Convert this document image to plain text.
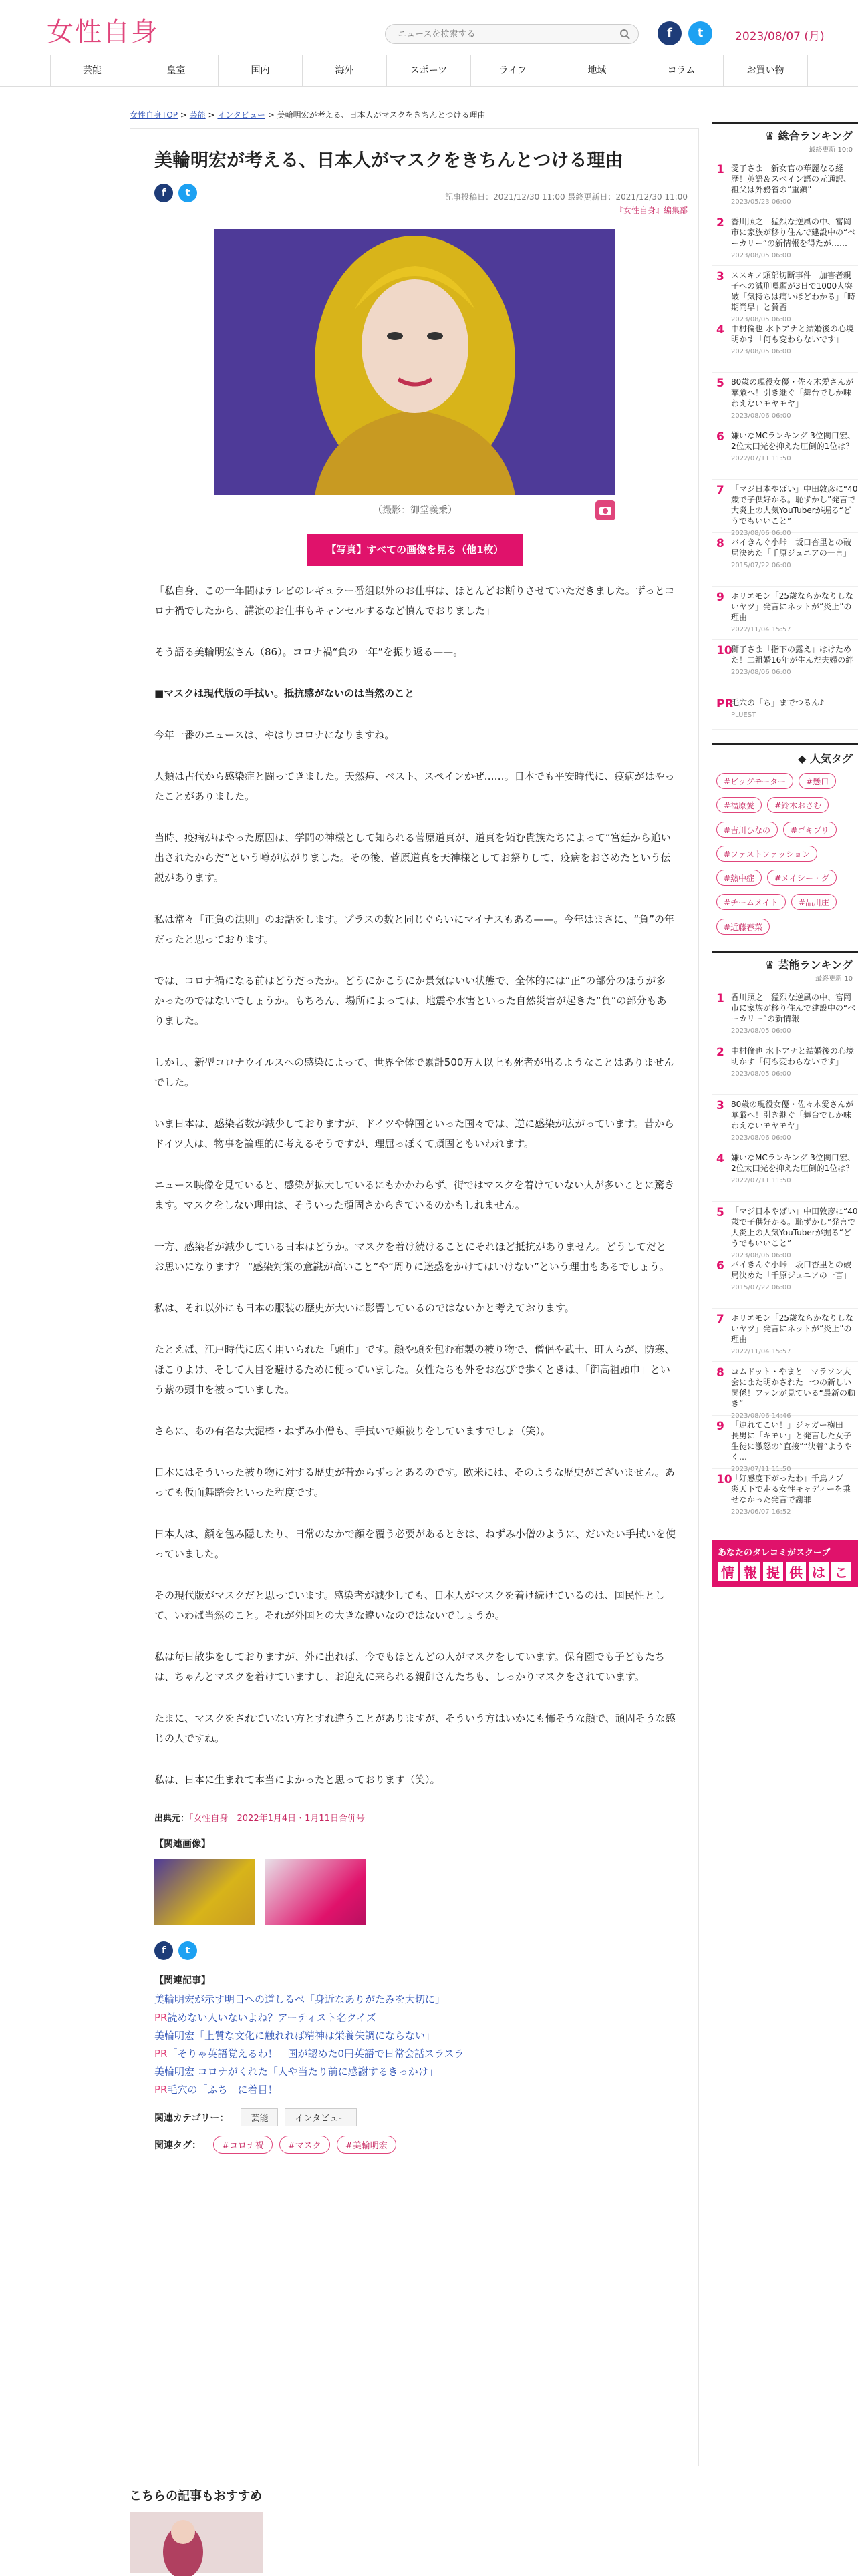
女性自身
ニュースを検索する	f	t	2023/08/07 (月)
芸能	皇室	国内	海外	スポーツ	ライフ	地域	コラム	お買い物
女性自身TOP > 芸能 > インタビュー > 美輪明宏が考える、日本人がマスクをきちんとつける理由
美輪明宏が考える、日本人がマスクをきちんとつける理由
f	t	記事投稿日：2021/12/30 11:00 最終更新日：2021/12/30 11:00
『女性自身』編集部
（撮影：御堂義乗）
【写真】すべての画像を見る（他1枚）

「私自身、この一年間はテレビのレギュラー番組以外のお仕事は、ほとんどお断りさせていただきました。ずっとコロナ禍でしたから、講演のお仕事もキャンセルするなど慎んでおりました」

そう語る美輪明宏さん（86）。コロナ禍“負の一年”を振り返る——。

■マスクは現代版の手拭い。抵抗感がないのは当然のこと

今年一番のニュースは、やはりコロナになりますね。

人類は古代から感染症と闘ってきました。天然痘、ペスト、スペインかぜ……。日本でも平安時代に、疫病がはやったことがありました。

当時、疫病がはやった原因は、学問の神様として知られる菅原道真が、道真を妬む貴族たちによって“宮廷から追い出されたからだ”という噂が広がりました。その後、菅原道真を天神様としてお祭りして、疫病をおさめたという伝説があります。

私は常々「正負の法則」のお話をします。プラスの数と同じぐらいにマイナスもある——。今年はまさに、“負”の年だったと思っております。

では、コロナ禍になる前はどうだったか。どうにかこうにか景気はいい状態で、全体的には“正”の部分のほうが多かったのではないでしょうか。もちろん、場所によっては、地震や水害といった自然災害が起きた“負”の部分もありました。

しかし、新型コロナウイルスへの感染によって、世界全体で累計500万人以上も死者が出るようなことはありませんでした。

いま日本は、感染者数が減少しておりますが、ドイツや韓国といった国々では、逆に感染が広がっています。昔からドイツ人は、物事を論理的に考えるそうですが、理屈っぽくて頑固ともいわれます。

ニュース映像を見ていると、感染が拡大しているにもかかわらず、街ではマスクを着けていない人が多いことに驚きます。マスクをしない理由は、そういった頑固さからきているのかもしれません。

一方、感染者が減少している日本はどうか。マスクを着け続けることにそれほど抵抗がありません。どうしてだとお思いになります？ “感染対策の意識が高いこと”や“周りに迷惑をかけてはいけない”という理由もあるでしょう。

私は、それ以外にも日本の服装の歴史が大いに影響しているのではないかと考えております。

たとえば、江戸時代に広く用いられた「頭巾」です。顔や頭を包む布製の被り物で、僧侶や武士、町人らが、防寒、ほこりよけ、そして人目を避けるために使っていました。女性たちも外をお忍びで歩くときは、「御高祖頭巾」という紫の頭巾を被っていました。

さらに、あの有名な大泥棒・ねずみ小僧も、手拭いで頬被りをしていますでしょ（笑）。

日本にはそういった被り物に対する歴史が昔からずっとあるのです。欧米には、そのような歴史がございません。あっても仮面舞踏会といった程度です。

日本人は、顔を包み隠したり、日常のなかで顔を覆う必要があるときは、ねずみ小僧のように、だいたい手拭いを使っていました。

その現代版がマスクだと思っています。感染者が減少しても、日本人がマスクを着け続けているのは、国民性として、いわば当然のこと。それが外国との大きな違いなのではないでしょうか。

私は毎日散歩をしておりますが、外に出れば、今でもほとんどの人がマスクをしています。保育園でも子どもたちは、ちゃんとマスクを着けていますし、お迎えに来られる親御さんたちも、しっかりマスクをされています。

たまに、マスクをされていない方とすれ違うことがありますが、そういう方はいかにも怖そうな顔で、頑固そうな感じの人ですね。

私は、日本に生まれて本当によかったと思っております（笑）。

出典元：「女性自身」2022年1月4日・1月11日合併号
【関連画像】
f	t
【関連記事】
美輪明宏が示す明日への道しるべ「身近なありがたみを大切に」
PR読めない人いないよね？アーティスト名クイズ
美輪明宏「上質な文化に触れれば精神は栄養失調にならない」
PR「そりゃ英語覚えるわ！」国が認めた0円英語で日常会話スラスラ
美輪明宏 コロナがくれた「人や当たり前に感謝するきっかけ」
PR毛穴の「ふち」に着目！
関連カテゴリー：	芸能	インタビュー
関連タグ：	#コロナ禍	#マスク	#美輪明宏
こちらの記事もおすすめ
♛ 総合ランキング
最終更新 10:0
1 愛子さま　新女官の華麗なる経歴！英語＆スペイン語の元通訳、祖父は外務省の“重鎮”
2023/05/23 06:00
2 香川照之　猛烈な逆風の中、富岡市に家族が移り住んで建設中の“ベーカリー”の新情報を得たが……
2023/08/05 06:00
3 ススキノ頭部切断事件　加害者親子への減刑嘆願が3日で1000人突破「気持ちは痛いほどわかる」「時期尚早」と賛否
2023/08/05 06:00
4 中村倫也 水卜アナと結婚後の心境明かす「何も変わらないです」
2023/08/05 06:00
5 80歳の現役女優・佐々木愛さんが華厳へ！引き継ぐ「舞台でしか味わえないモヤモヤ」
2023/08/06 06:00
6 嫌いなMCランキング 3位関口宏、2位太田光を抑えた圧倒的1位は？
2022/07/11 11:50
7 「マジ日本やばい」中田敦彦に“40歳で子供好かる。恥ずかし”発言で大炎上の人気YouTuberが掘る“どうでもいいこと”
2023/08/06 06:00
8 バイきんぐ小峠　坂口杏里との破局決めた「千原ジュニアの一言」
2015/07/22 06:00
9 ホリエモン「25歳ならかなりしないヤツ」発言にネットが“炎上”の理由
2022/11/04 15:57
10
獅子さま「指下の露え」はけためた！二組婚16年が生んだ夫婦の絆
2023/08/06 06:00
PR
毛穴の「ち」までつるん♪
PLUEST
◆ 人気タグ
#ビッグモーター	#懸口
#福原愛	#鈴木おさむ
#吉川ひなの	#ゴキブリ
#ファストファッション
#熱中症	#メイシー・グ
#チームメイト	#品川庄
#近藤春菜
♛ 芸能ランキング
最終更新 10
1 香川照之　猛烈な逆風の中、富岡市に家族が移り住んで建設中の“ベーカリー”の新情報
2023/08/05 06:00
2 中村倫也 水卜アナと結婚後の心境明かす「何も変わらないです」
2023/08/05 06:00
3 80歳の現役女優・佐々木愛さんが華厳へ！引き継ぐ「舞台でしか味わえないモヤモヤ」
2023/08/06 06:00
4 嫌いなMCランキング 3位関口宏、2位太田光を抑えた圧倒的1位は？
2022/07/11 11:50
5 「マジ日本やばい」中田敦彦に“40歳で子供好かる。恥ずかし”発言で大炎上の人気YouTuberが掘る“どうでもいいこと”
2023/08/06 06:00
6 バイきんぐ小峠　坂口杏里との破局決めた「千原ジュニアの一言」
2015/07/22 06:00
7 ホリエモン「25歳ならかなりしないヤツ」発言にネットが“炎上”の理由
2022/11/04 15:57
8 コムドット・やまと　マラソン大会にまた明かされた一つの新しい関係！ファンが見ている“最新の動き”
2023/08/06 14:46
9 「連れてこい！」ジャガー横田　長男に「キモい」と発言した女子生徒に激怒の“直接”“決着”ようやく…
2023/07/11 11:50
10
「好感度下がったわ」千鳥ノブ　炎天下で走る女性キャディーを乗せなかった発言で謝罪
2023/06/07 16:52
あなたのタレコミがスクープ
情 報 提 供 は こ
